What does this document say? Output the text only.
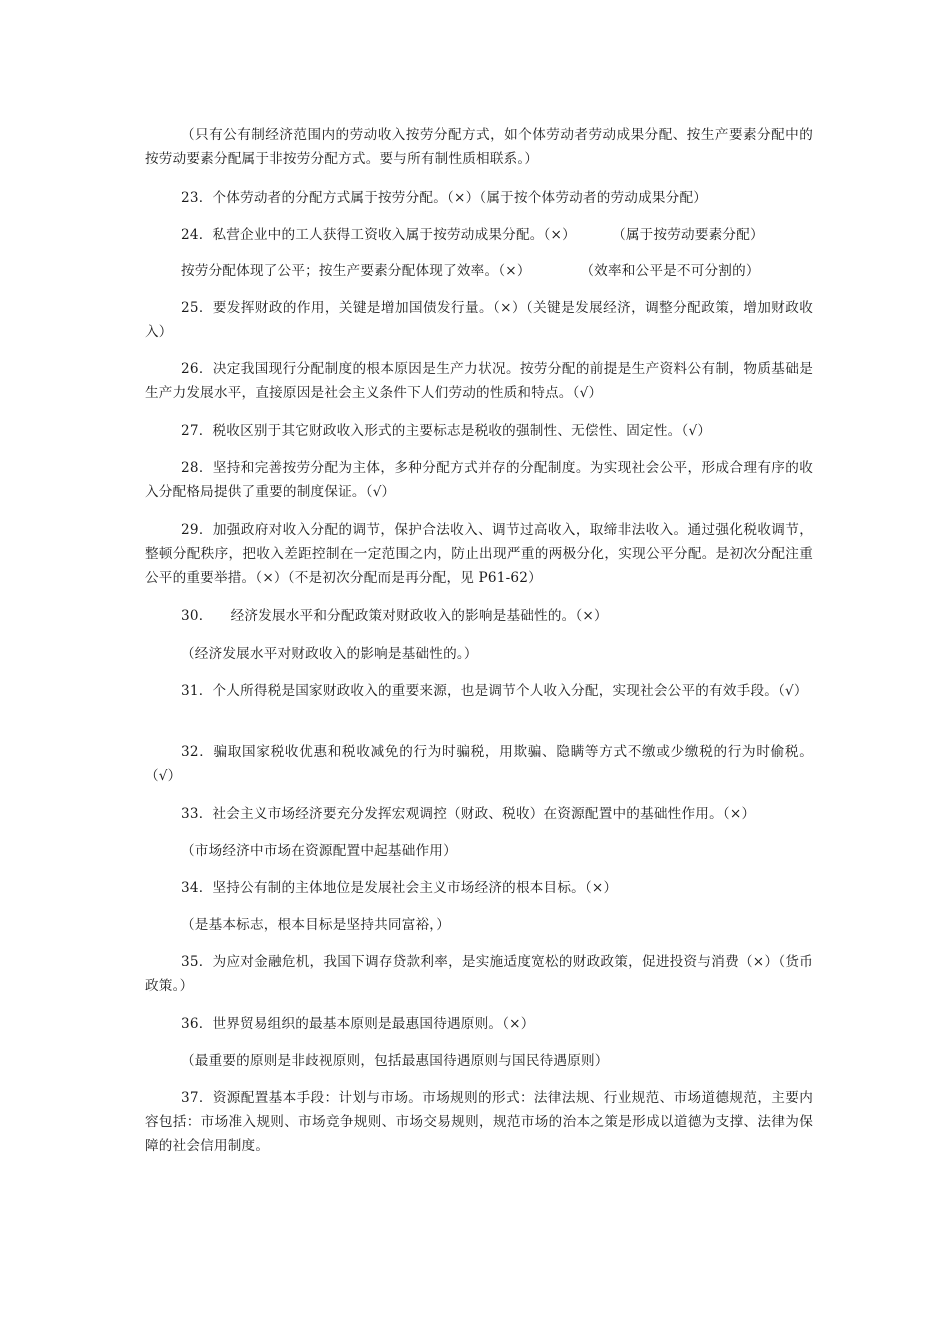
（只有公有制经济范围内的劳动收入按劳分配方式，如个体劳动者劳动成果分配、按生产要素分配中的按劳动要素分配属于非按劳分配方式。要与所有制性质相联系。）

23．个体劳动者的分配方式属于按劳分配。（×）（属于按个体劳动者的劳动成果分配）

24．私营企业中的工人获得工资收入属于按劳动成果分配。（×）        （属于按劳动要素分配）

按劳分配体现了公平；按生产要素分配体现了效率。（×）           （效率和公平是不可分割的）

25．要发挥财政的作用，关键是增加国债发行量。（×）（关键是发展经济，调整分配政策，增加财政收入）

26．决定我国现行分配制度的根本原因是生产力状况。按劳分配的前提是生产资料公有制，物质基础是生产力发展水平，直接原因是社会主义条件下人们劳动的性质和特点。（√）

27．税收区别于其它财政收入形式的主要标志是税收的强制性、无偿性、固定性。（√）

28．坚持和完善按劳分配为主体，多种分配方式并存的分配制度。为实现社会公平，形成合理有序的收入分配格局提供了重要的制度保证。（√）

29．加强政府对收入分配的调节，保护合法收入、调节过高收入，取缔非法收入。通过强化税收调节，整顿分配秩序，把收入差距控制在一定范围之内，防止出现严重的两极分化，实现公平分配。是初次分配注重公平的重要举措。（×）（不是初次分配而是再分配，见 P61-62）

30．    经济发展水平和分配政策对财政收入的影响是基础性的。（×）

（经济发展水平对财政收入的影响是基础性的。）

31．个人所得税是国家财政收入的重要来源，也是调节个人收入分配，实现社会公平的有效手段。（√）

32．骗取国家税收优惠和税收减免的行为时骗税，用欺骗、隐瞒等方式不缴或少缴税的行为时偷税。（√）

33．社会主义市场经济要充分发挥宏观调控（财政、税收）在资源配置中的基础性作用。（×）

（市场经济中市场在资源配置中起基础作用）

34．坚持公有制的主体地位是发展社会主义市场经济的根本目标。（×）

（是基本标志，根本目标是坚持共同富裕，）

35．为应对金融危机，我国下调存贷款利率，是实施适度宽松的财政政策，促进投资与消费（×）（货币政策。）

36．世界贸易组织的最基本原则是最惠国待遇原则。（×）

（最重要的原则是非歧视原则，包括最惠国待遇原则与国民待遇原则）

37．资源配置基本手段：计划与市场。市场规则的形式：法律法规、行业规范、市场道德规范，主要内容包括：市场准入规则、市场竞争规则、市场交易规则，规范市场的治本之策是形成以道德为支撑、法律为保障的社会信用制度。
